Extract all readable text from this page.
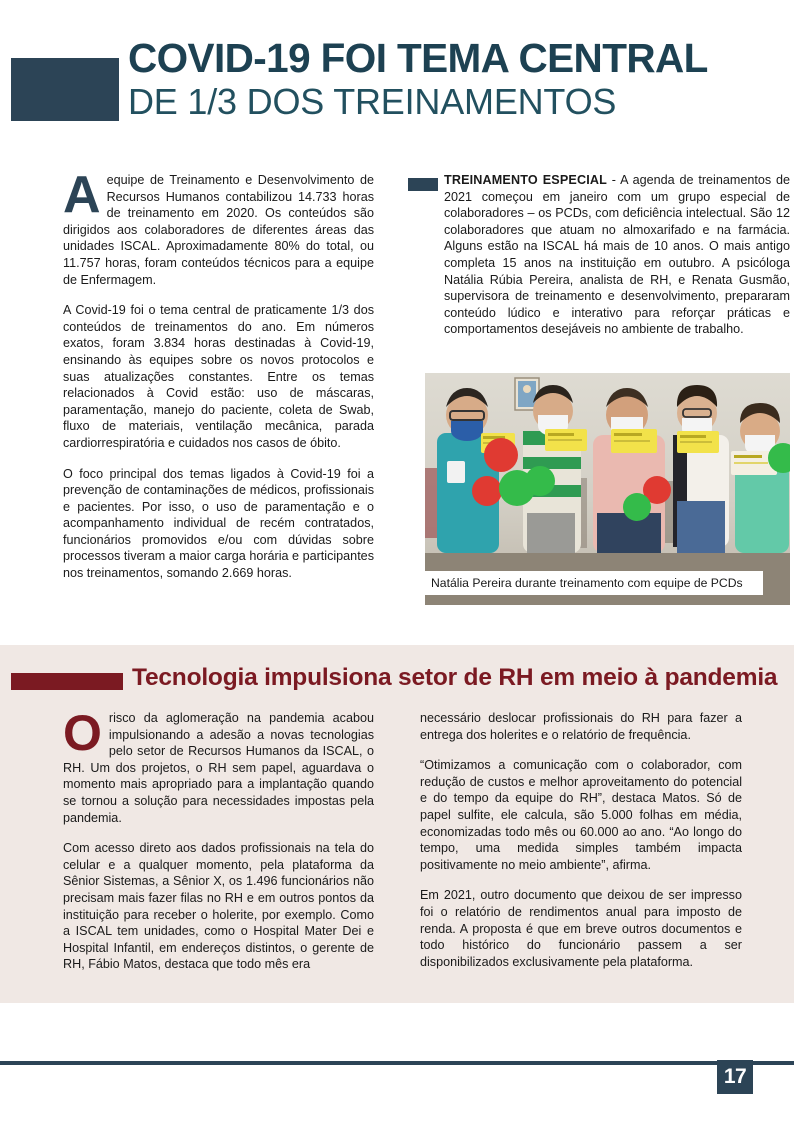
COVID-19 FOI TEMA CENTRAL
DE 1/3 DOS TREINAMENTOS

Aequipe de Treinamento e Desenvolvimento de Recursos Humanos contabilizou 14.733 horas de treinamento em 2020. Os conteúdos são dirigidos aos colaboradores de diferentes áreas das unidades ISCAL. Aproximadamente 80% do total, ou 11.757 horas, foram conteúdos técnicos para a equipe de Enfermagem.

A Covid-19 foi o tema central de praticamente 1/3 dos conteúdos de treinamentos do ano. Em números exatos, foram 3.834 horas destinadas à Covid-19, ensinando às equipes sobre os novos protocolos e suas atualizações constantes. Entre os temas relacionados à Covid estão: uso de máscaras, paramentação, manejo do paciente, coleta de Swab, fluxo de materiais, ventilação mecânica, parada cardiorrespiratória e cuidados nos casos de óbito.

O foco principal dos temas ligados à Covid-19 foi a prevenção de contaminações de médicos, profissionais e pacientes. Por isso, o uso de paramentação e o acompanhamento individual de recém contratados, funcionários promovidos e/ou com dúvidas sobre processos tiveram a maior carga horária e participantes nos treinamentos, somando 2.669 horas.

TREINAMENTO ESPECIAL - A agenda de treinamentos de 2021 começou em janeiro com um grupo especial de colaboradores – os PCDs, com deficiência intelectual. São 12 colaboradores que atuam no almoxarifado e na farmácia. Alguns estão na ISCAL há mais de 10 anos. O mais antigo completa 15 anos na instituição em outubro. A psicóloga Natália Rúbia Pereira, analista de RH, e Renata Gusmão, supervisora de treinamento e desenvolvimento, prepararam conteúdo lúdico e interativo para reforçar práticas e comportamentos desejáveis no ambiente de trabalho.

Natália Pereira durante treinamento com equipe de PCDs
Tecnologia impulsiona setor de RH em meio à pandemia

Orisco da aglomeração na pandemia acabou impulsionando a adesão a novas tecnologias pelo setor de Recursos Humanos da ISCAL, o RH. Um dos projetos, o RH sem papel, aguardava o momento mais apropriado para a implantação quando se tornou a solução para necessidades impostas pela pandemia.

Com acesso direto aos dados profissionais na tela do celular e a qualquer momento, pela plataforma da Sênior Sistemas, a Sênior X, os 1.496 funcionários não precisam mais fazer filas no RH e em outros pontos da instituição para receber o holerite, por exemplo. Como a ISCAL tem unidades, como o Hospital Mater Dei e Hospital Infantil, em endereços distintos, o gerente de RH, Fábio Matos, destaca que todo mês era

necessário deslocar profissionais do RH para fazer a entrega dos holerites e o relatório de frequência.

“Otimizamos a comunicação com o colaborador, com redução de custos e melhor aproveitamento do potencial e do tempo da equipe do RH”, destaca Matos. Só de papel sulfite, ele calcula, são 5.000 folhas em média, economizadas todo mês ou 60.000 ao ano. “Ao longo do tempo, uma medida simples também impacta positivamente no meio ambiente”, afirma.

Em 2021, outro documento que deixou de ser impresso foi o relatório de rendimentos anual para imposto de renda. A proposta é que em breve outros documentos e todo histórico do funcionário passem a ser disponibilizados exclusivamente pela plataforma.

17
